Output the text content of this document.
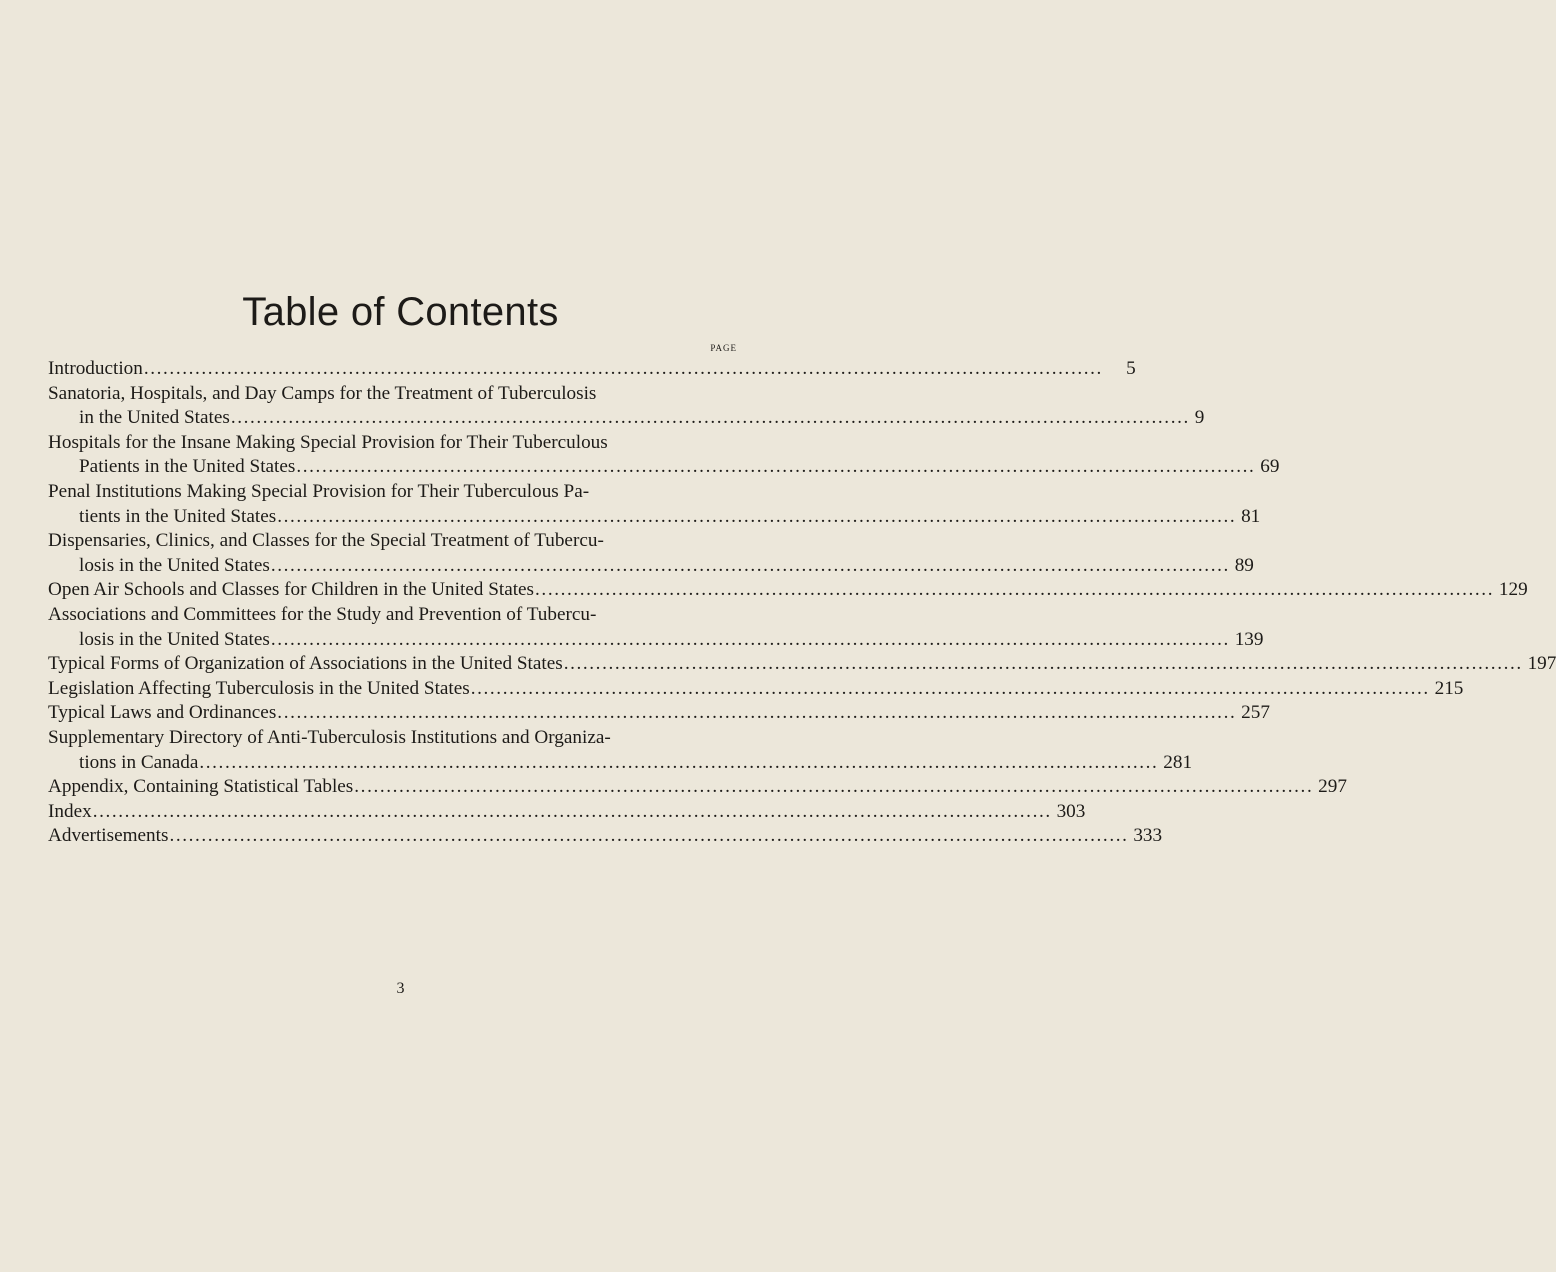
Table of Contents
PAGE
Introduction . . .	5
Sanatoria, Hospitals, and Day Camps for the Treatment of Tuberculosis
in the United States . . .	9
Hospitals for the Insane Making Special Provision for Their Tuberculous
Patients in the United States . . .	69
Penal Institutions Making Special Provision for Their Tuberculous Pa-
tients in the United States . . .	81
Dispensaries, Clinics, and Classes for the Special Treatment of Tubercu-
losis in the United States . . .	89
Open Air Schools and Classes for Children in the United States . . .	129
Associations and Committees for the Study and Prevention of Tubercu-
losis in the United States . . .	139
Typical Forms of Organization of Associations in the United States . . .	197
Legislation Affecting Tuberculosis in the United States . . .	215
Typical Laws and Ordinances . . .	257
Supplementary Directory of Anti-Tuberculosis Institutions and Organiza-
tions in Canada . . .	281
Appendix, Containing Statistical Tables . . .	297
Index . . .	303
Advertisements . . .	333
3
